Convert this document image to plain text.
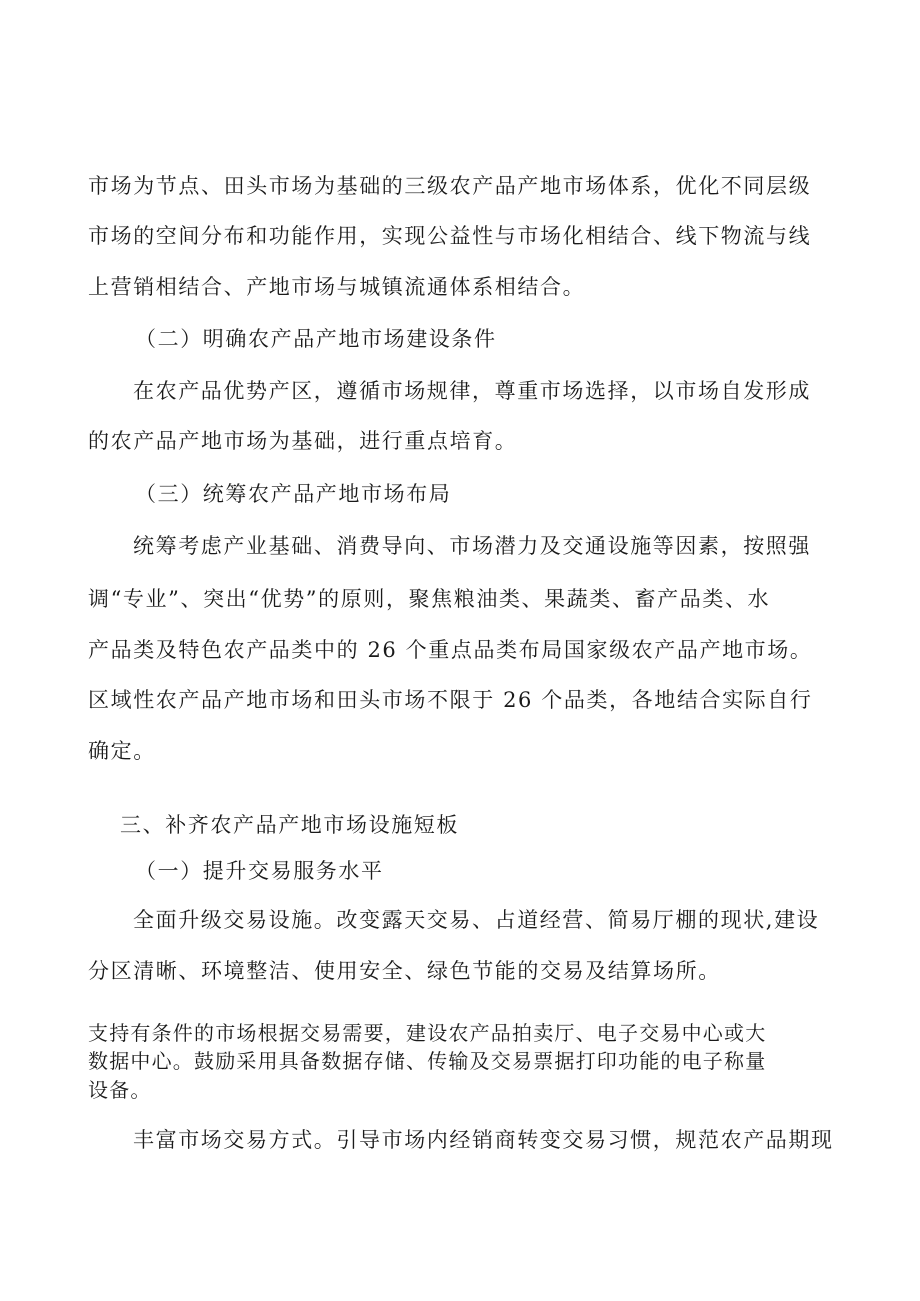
市场为节点、田头市场为基础的三级农产品产地市场体系，优化不同层级
市场的空间分布和功能作用，实现公益性与市场化相结合、线下物流与线
上营销相结合、产地市场与城镇流通体系相结合。
（二）明确农产品产地市场建设条件
在农产品优势产区，遵循市场规律，尊重市场选择，以市场自发形成
的农产品产地市场为基础，进行重点培育。
（三）统筹农产品产地市场布局
统筹考虑产业基础、消费导向、市场潜力及交通设施等因素，按照强
调“专业”、突出“优势”的原则，聚焦粮油类、果蔬类、畜产品类、水
产品类及特色农产品类中的 26 个重点品类布局国家级农产品产地市场。
区域性农产品产地市场和田头市场不限于 26 个品类，各地结合实际自行
确定。
三、补齐农产品产地市场设施短板
（一）提升交易服务水平
全面升级交易设施。改变露天交易、占道经营、简易厅棚的现状,建设
分区清晰、环境整洁、使用安全、绿色节能的交易及结算场所。
支持有条件的市场根据交易需要，建设农产品拍卖厅、电子交易中心或大
数据中心。鼓励采用具备数据存储、传输及交易票据打印功能的电子称量
设备。
丰富市场交易方式。引导市场内经销商转变交易习惯，规范农产品期现
